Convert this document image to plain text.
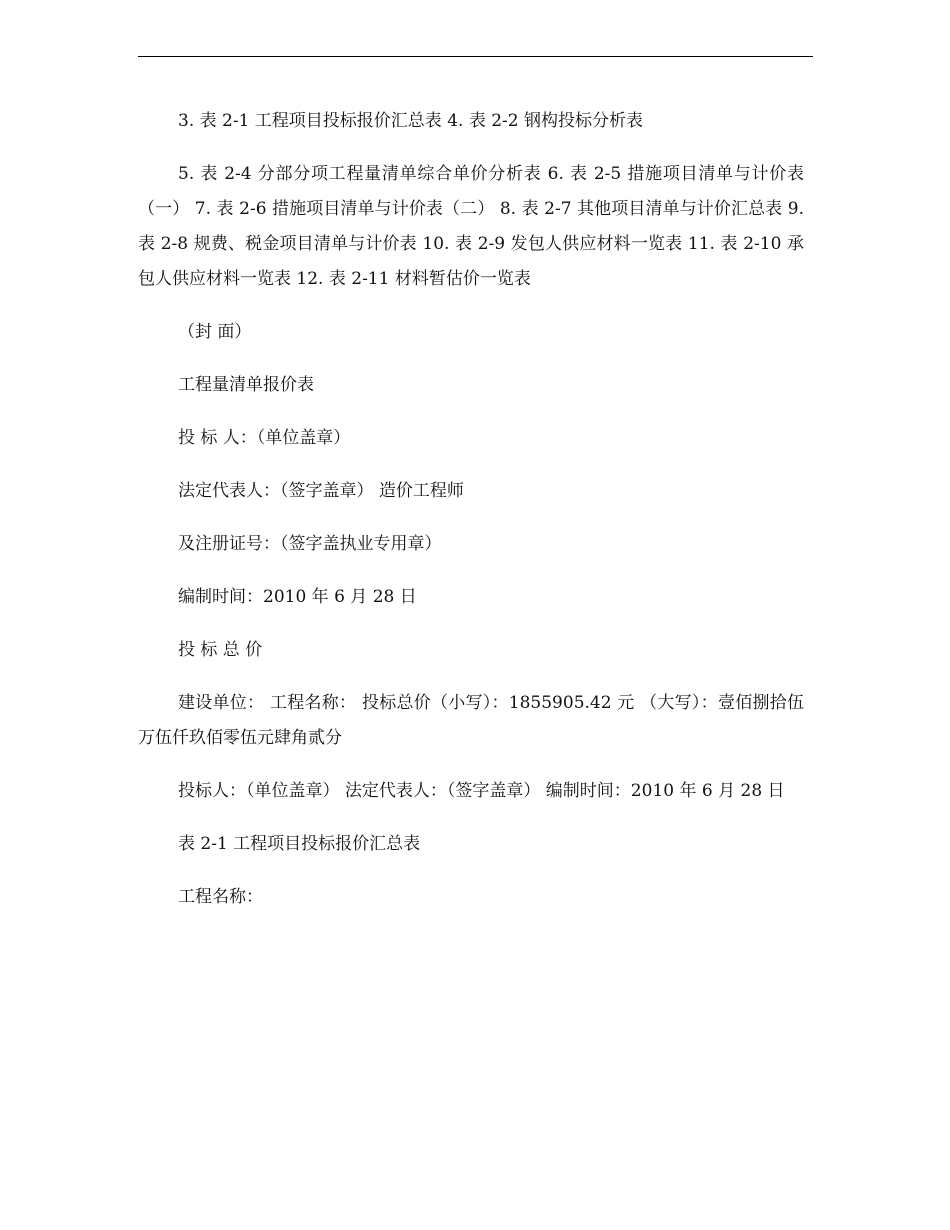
3. 表 2-1 工程项目投标报价汇总表 4. 表 2-2 钢构投标分析表

5. 表 2-4 分部分项工程量清单综合单价分析表 6. 表 2-5 措施项目清单与计价表（一） 7. 表 2-6 措施项目清单与计价表（二） 8. 表 2-7 其他项目清单与计价汇总表 9. 表 2-8 规费、税金项目清单与计价表 10. 表 2-9 发包人供应材料一览表 11. 表 2-10 承包人供应材料一览表 12. 表 2-11 材料暂估价一览表

（封 面）

工程量清单报价表

投 标 人：（单位盖章）

法定代表人：（签字盖章） 造价工程师

及注册证号：（签字盖执业专用章）

编制时间：2010 年 6 月 28 日

投 标 总 价

建设单位： 工程名称： 投标总价（小写）：1855905.42 元 （大写）：壹佰捌拾伍万伍仟玖佰零伍元肆角贰分

投标人：（单位盖章） 法定代表人：（签字盖章） 编制时间：2010 年 6 月 28 日

表 2-1 工程项目投标报价汇总表

工程名称：
